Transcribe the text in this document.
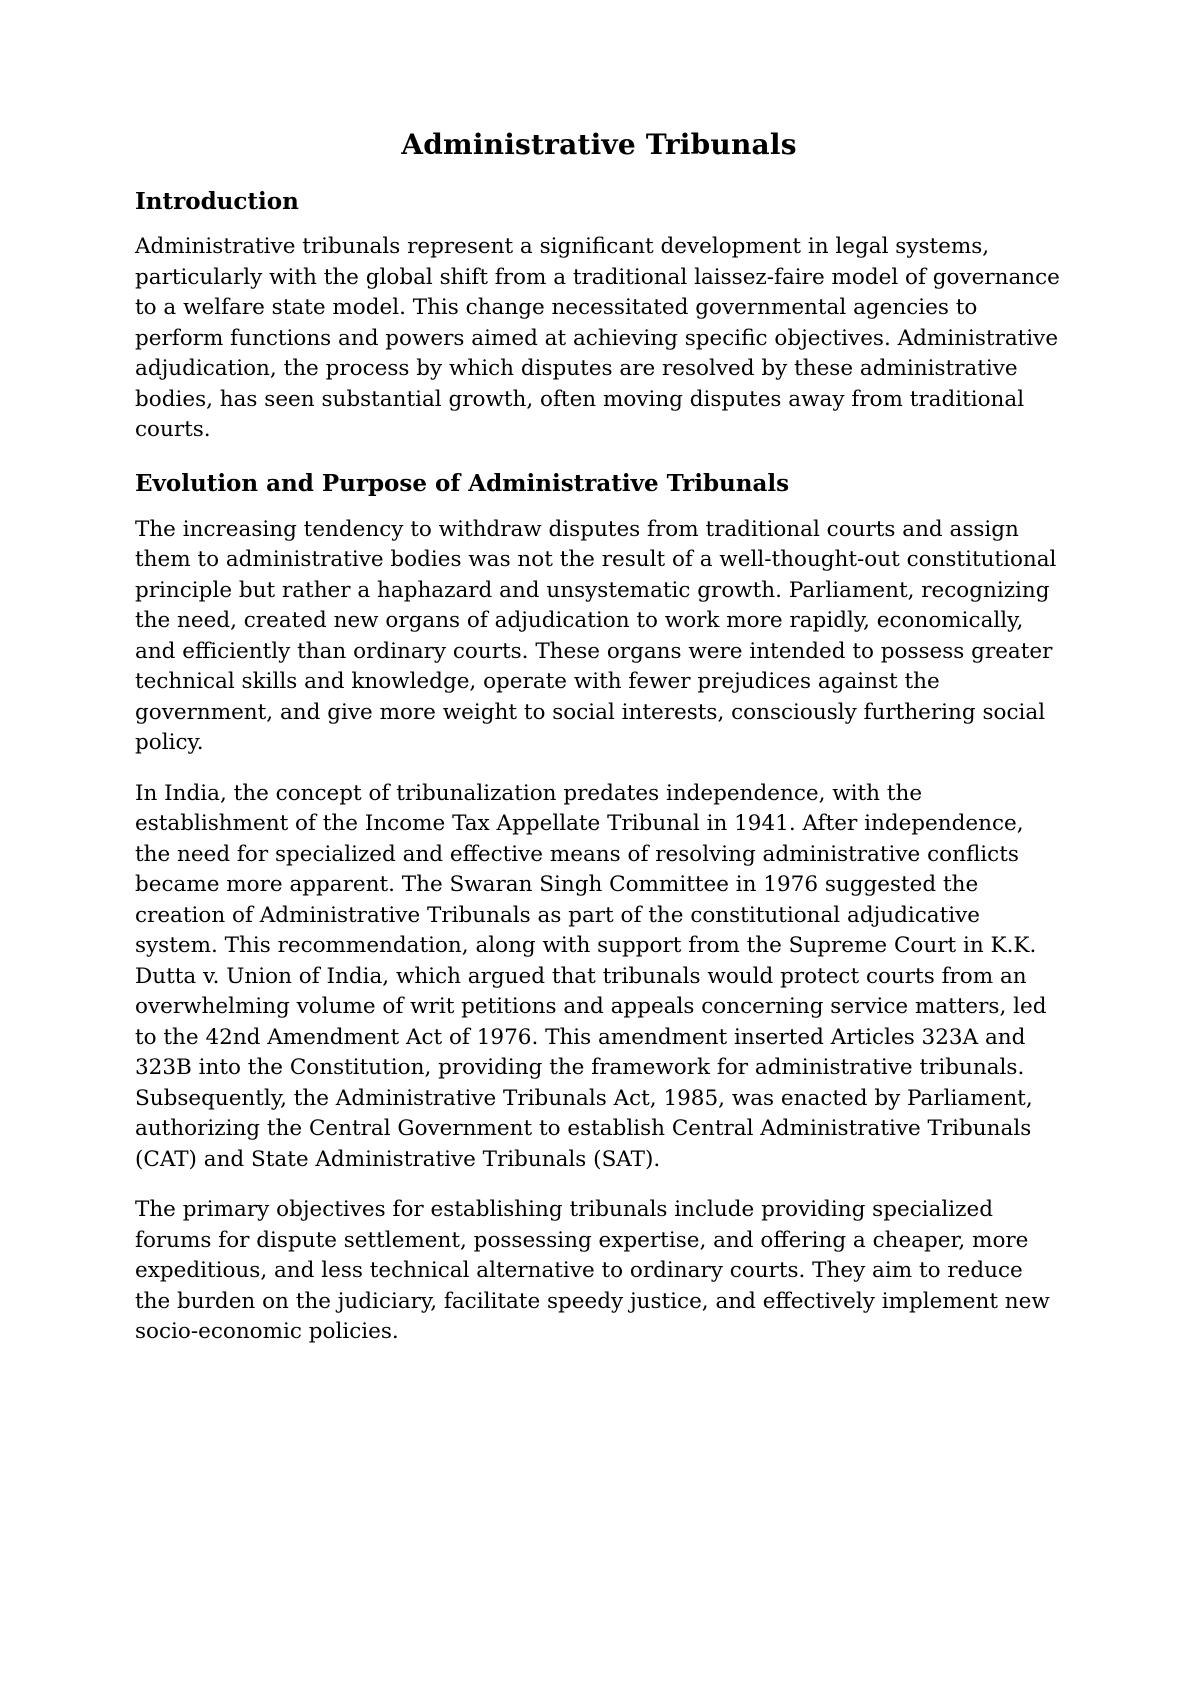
Administrative Tribunals
Introduction

Administrative tribunals represent a significant development in legal systems, particularly with the global shift from a traditional laissez-faire model of governance to a welfare state model. This change necessitated governmental agencies to perform functions and powers aimed at achieving specific objectives. Administrative adjudication, the process by which disputes are resolved by these administrative bodies, has seen substantial growth, often moving disputes away from traditional courts.

Evolution and Purpose of Administrative Tribunals

The increasing tendency to withdraw disputes from traditional courts and assign them to administrative bodies was not the result of a well-thought-out constitutional principle but rather a haphazard and unsystematic growth. Parliament, recognizing the need, created new organs of adjudication to work more rapidly, economically, and efficiently than ordinary courts. These organs were intended to possess greater technical skills and knowledge, operate with fewer prejudices against the government, and give more weight to social interests, consciously furthering social policy.

In India, the concept of tribunalization predates independence, with the establishment of the Income Tax Appellate Tribunal in 1941. After independence, the need for specialized and effective means of resolving administrative conflicts became more apparent. The Swaran Singh Committee in 1976 suggested the creation of Administrative Tribunals as part of the constitutional adjudicative system. This recommendation, along with support from the Supreme Court in K.K. Dutta v. Union of India, which argued that tribunals would protect courts from an overwhelming volume of writ petitions and appeals concerning service matters, led to the 42nd Amendment Act of 1976. This amendment inserted Articles 323A and 323B into the Constitution, providing the framework for administrative tribunals. Subsequently, the Administrative Tribunals Act, 1985, was enacted by Parliament, authorizing the Central Government to establish Central Administrative Tribunals (CAT) and State Administrative Tribunals (SAT).

The primary objectives for establishing tribunals include providing specialized forums for dispute settlement, possessing expertise, and offering a cheaper, more expeditious, and less technical alternative to ordinary courts. They aim to reduce the burden on the judiciary, facilitate speedy justice, and effectively implement new socio-economic policies.
